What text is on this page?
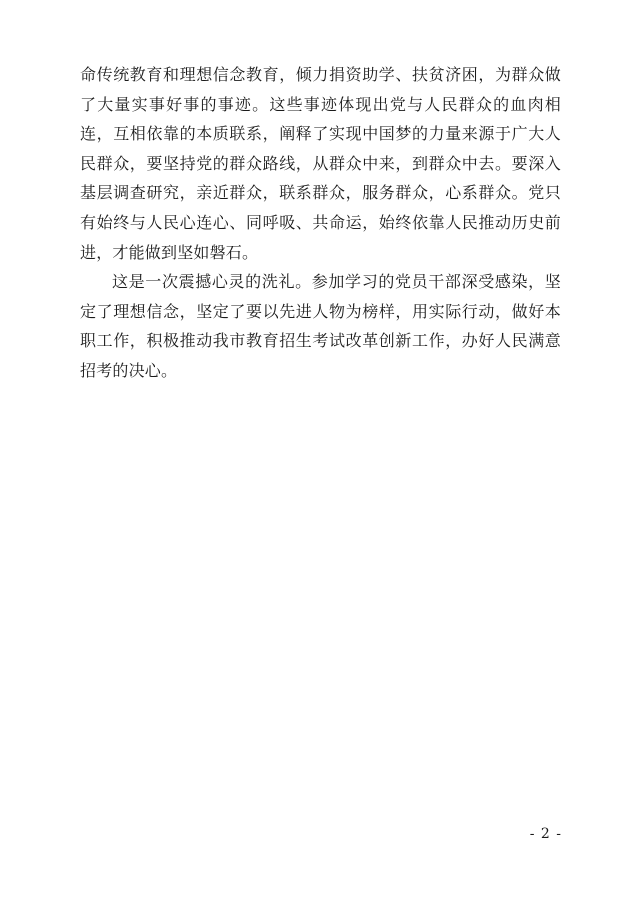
命传统教育和理想信念教育，倾力捐资助学、扶贫济困，为群众做了大量实事好事的事迹。这些事迹体现出党与人民群众的血肉相连，互相依靠的本质联系，阐释了实现中国梦的力量来源于广大人民群众，要坚持党的群众路线，从群众中来，到群众中去。要深入基层调查研究，亲近群众，联系群众，服务群众，心系群众。党只有始终与人民心连心、同呼吸、共命运，始终依靠人民推动历史前进，才能做到坚如磐石。

这是一次震撼心灵的洗礼。参加学习的党员干部深受感染，坚定了理想信念，坚定了要以先进人物为榜样，用实际行动，做好本职工作，积极推动我市教育招生考试改革创新工作，办好人民满意招考的决心。

- 2 -
